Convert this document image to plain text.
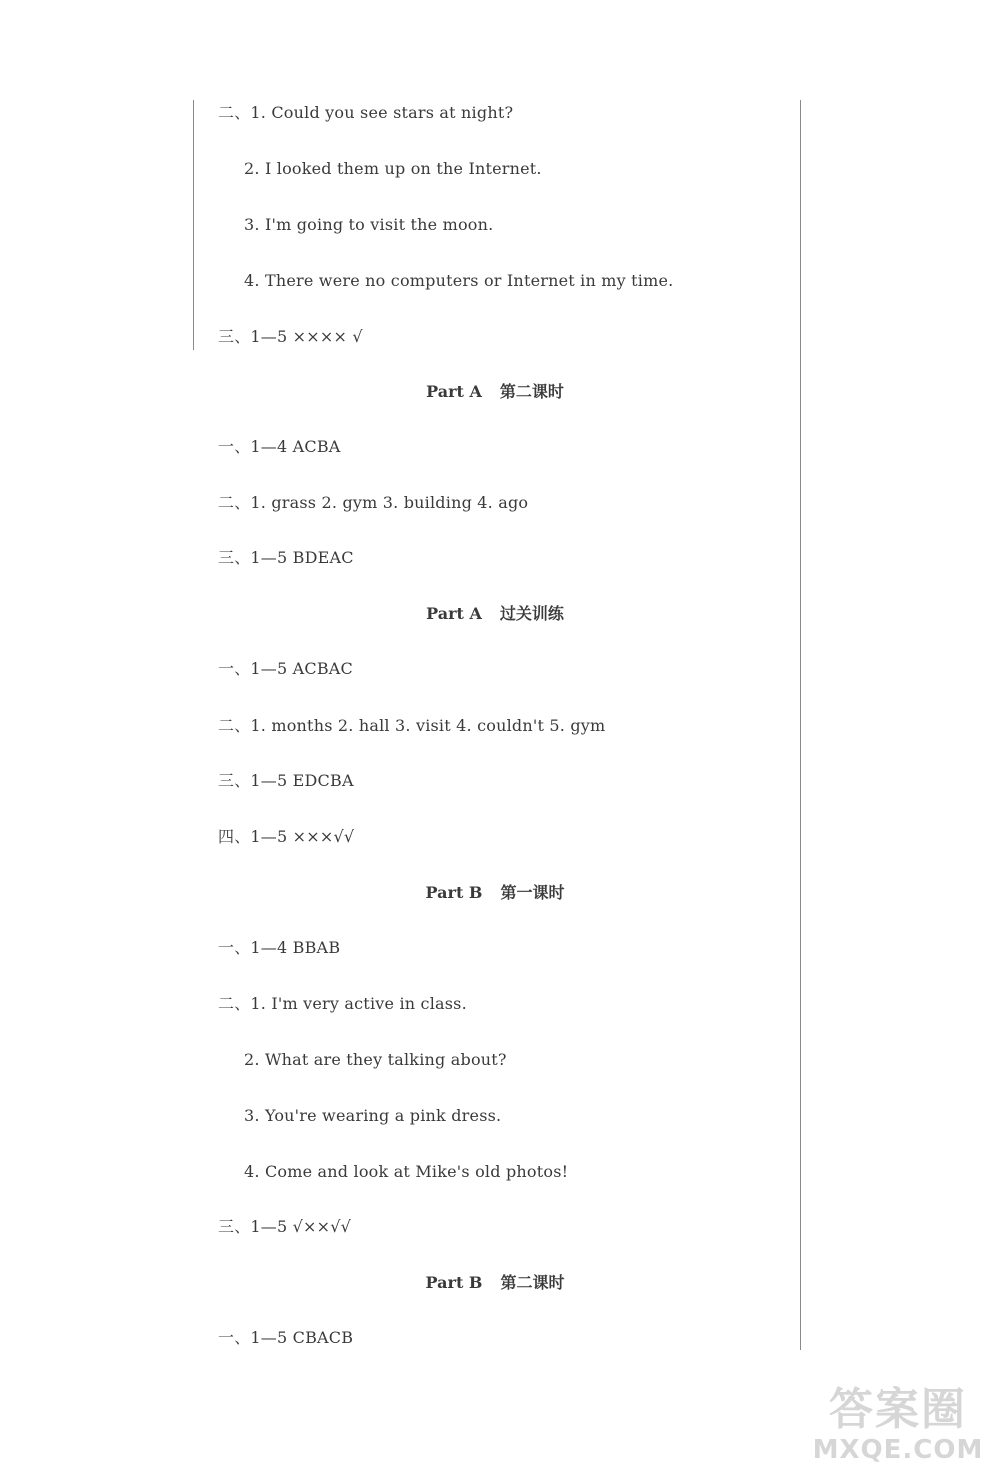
二、1. Could you see stars at night?
2. I looked them up on the Internet.
3. I'm going to visit the moon.
4. There were no computers or Internet in my time.
三、1—5 ×××× √
Part A 第二课时
一、1—4 ACBA
二、1. grass 2. gym 3. building 4. ago
三、1—5 BDEAC
Part A 过关训练
一、1—5 ACBAC
二、1. months 2. hall 3. visit 4. couldn't 5. gym
三、1—5 EDCBA
四、1—5 ×××√√
Part B 第一课时
一、1—4 BBAB
二、1. I'm very active in class.
2. What are they talking about?
3. You're wearing a pink dress.
4. Come and look at Mike's old photos!
三、1—5 √××√√
Part B 第二课时
一、1—5 CBACB
答案圈
MXQE.COM
